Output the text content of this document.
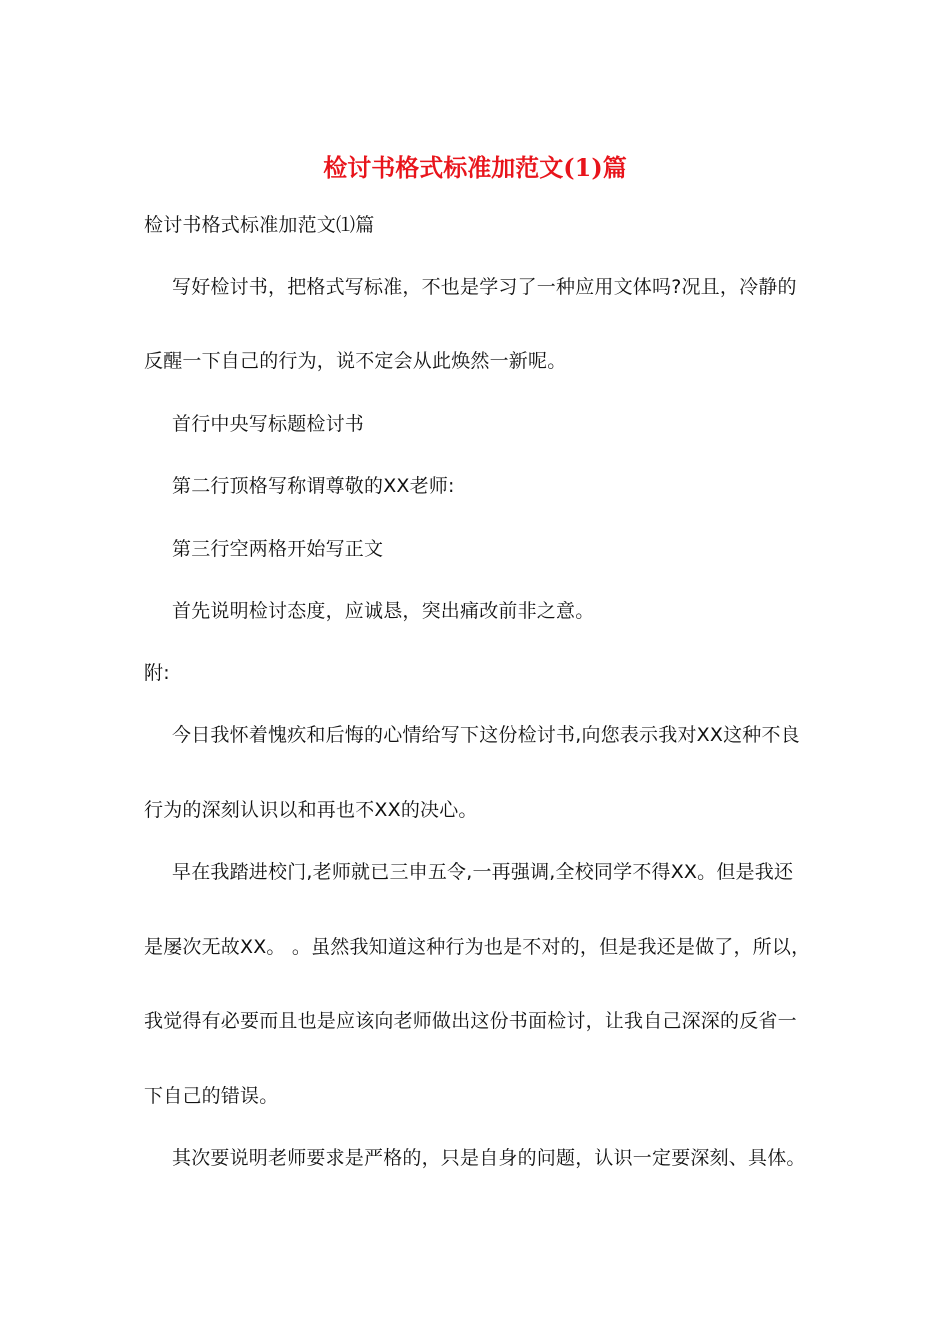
检讨书格式标准加范文(1)篇
检讨书格式标准加范文⑴篇
写好检讨书，把格式写标准，不也是学习了一种应用文体吗?况且，冷静的
反醒一下自己的行为，说不定会从此焕然一新呢。
首行中央写标题检讨书
第二行顶格写称谓尊敬的XX老师:
第三行空两格开始写正文
首先说明检讨态度，应诚恳，突出痛改前非之意。
附:
今日我怀着愧疚和后悔的心情给写下这份检讨书,向您表示我对XX这种不良
行为的深刻认识以和再也不XX的决心。
早在我踏进校门,老师就已三申五令,一再强调,全校同学不得XX。但是我还
是屡次无故XX。 。虽然我知道这种行为也是不对的，但是我还是做了，所以，
我觉得有必要而且也是应该向老师做出这份书面检讨，让我自己深深的反省一
下自己的错误。
其次要说明老师要求是严格的，只是自身的问题，认识一定要深刻、具体。
